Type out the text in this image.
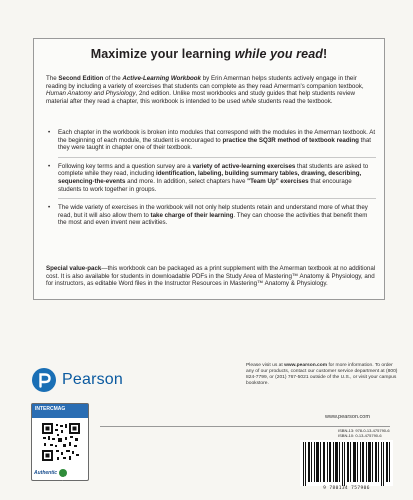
Maximize your learning while you read!
The Second Edition of the Active-Learning Workbook by Erin Amerman helps students actively engage in their reading by including a variety of exercises that students can complete as they read Amerman's companion textbook, Human Anatomy and Physiology, 2nd edition. Unlike most workbooks and study guides that help students review material after they read a chapter, this workbook is intended to be used while students read the textbook.
• Each chapter in the workbook is broken into modules that correspond with the modules in the Amerman textbook. At the beginning of each module, the student is encouraged to practice the SQ3R method of textbook reading that they were taught in chapter one of their textbook.
• Following key terms and a question survey are a variety of active-learning exercises that students are asked to complete while they read, including identification, labeling, building summary tables, drawing, describing, sequencing-the-events and more. In addition, select chapters have "Team Up" exercises that encourage students to work together in groups.
• The wide variety of exercises in the workbook will not only help students retain and understand more of what they read, but it will also allow them to take charge of their learning. They can choose the activities that benefit them the most and even invent new activities.
Special value-pack—this workbook can be packaged as a print supplement with the Amerman textbook at no additional cost. It is also available for students in downloadable PDFs in the Study Area of Mastering™ Anatomy & Physiology, and for instructors, as editable Word files in the Instructor Resources in Mastering™ Anatomy & Physiology.
Pearson
Please visit us at www.pearson.com for more information. To order any of our products, contact our customer service department at (800) 824-7799, or (201) 767-5021 outside of the U.S., or visit your campus bookstore.
www.pearson.com
INTERCMAG
Authentic
ISBN-13: 978-0-13-475790-6
ISBN-10: 0-13-475790-6
9 780134 757906
